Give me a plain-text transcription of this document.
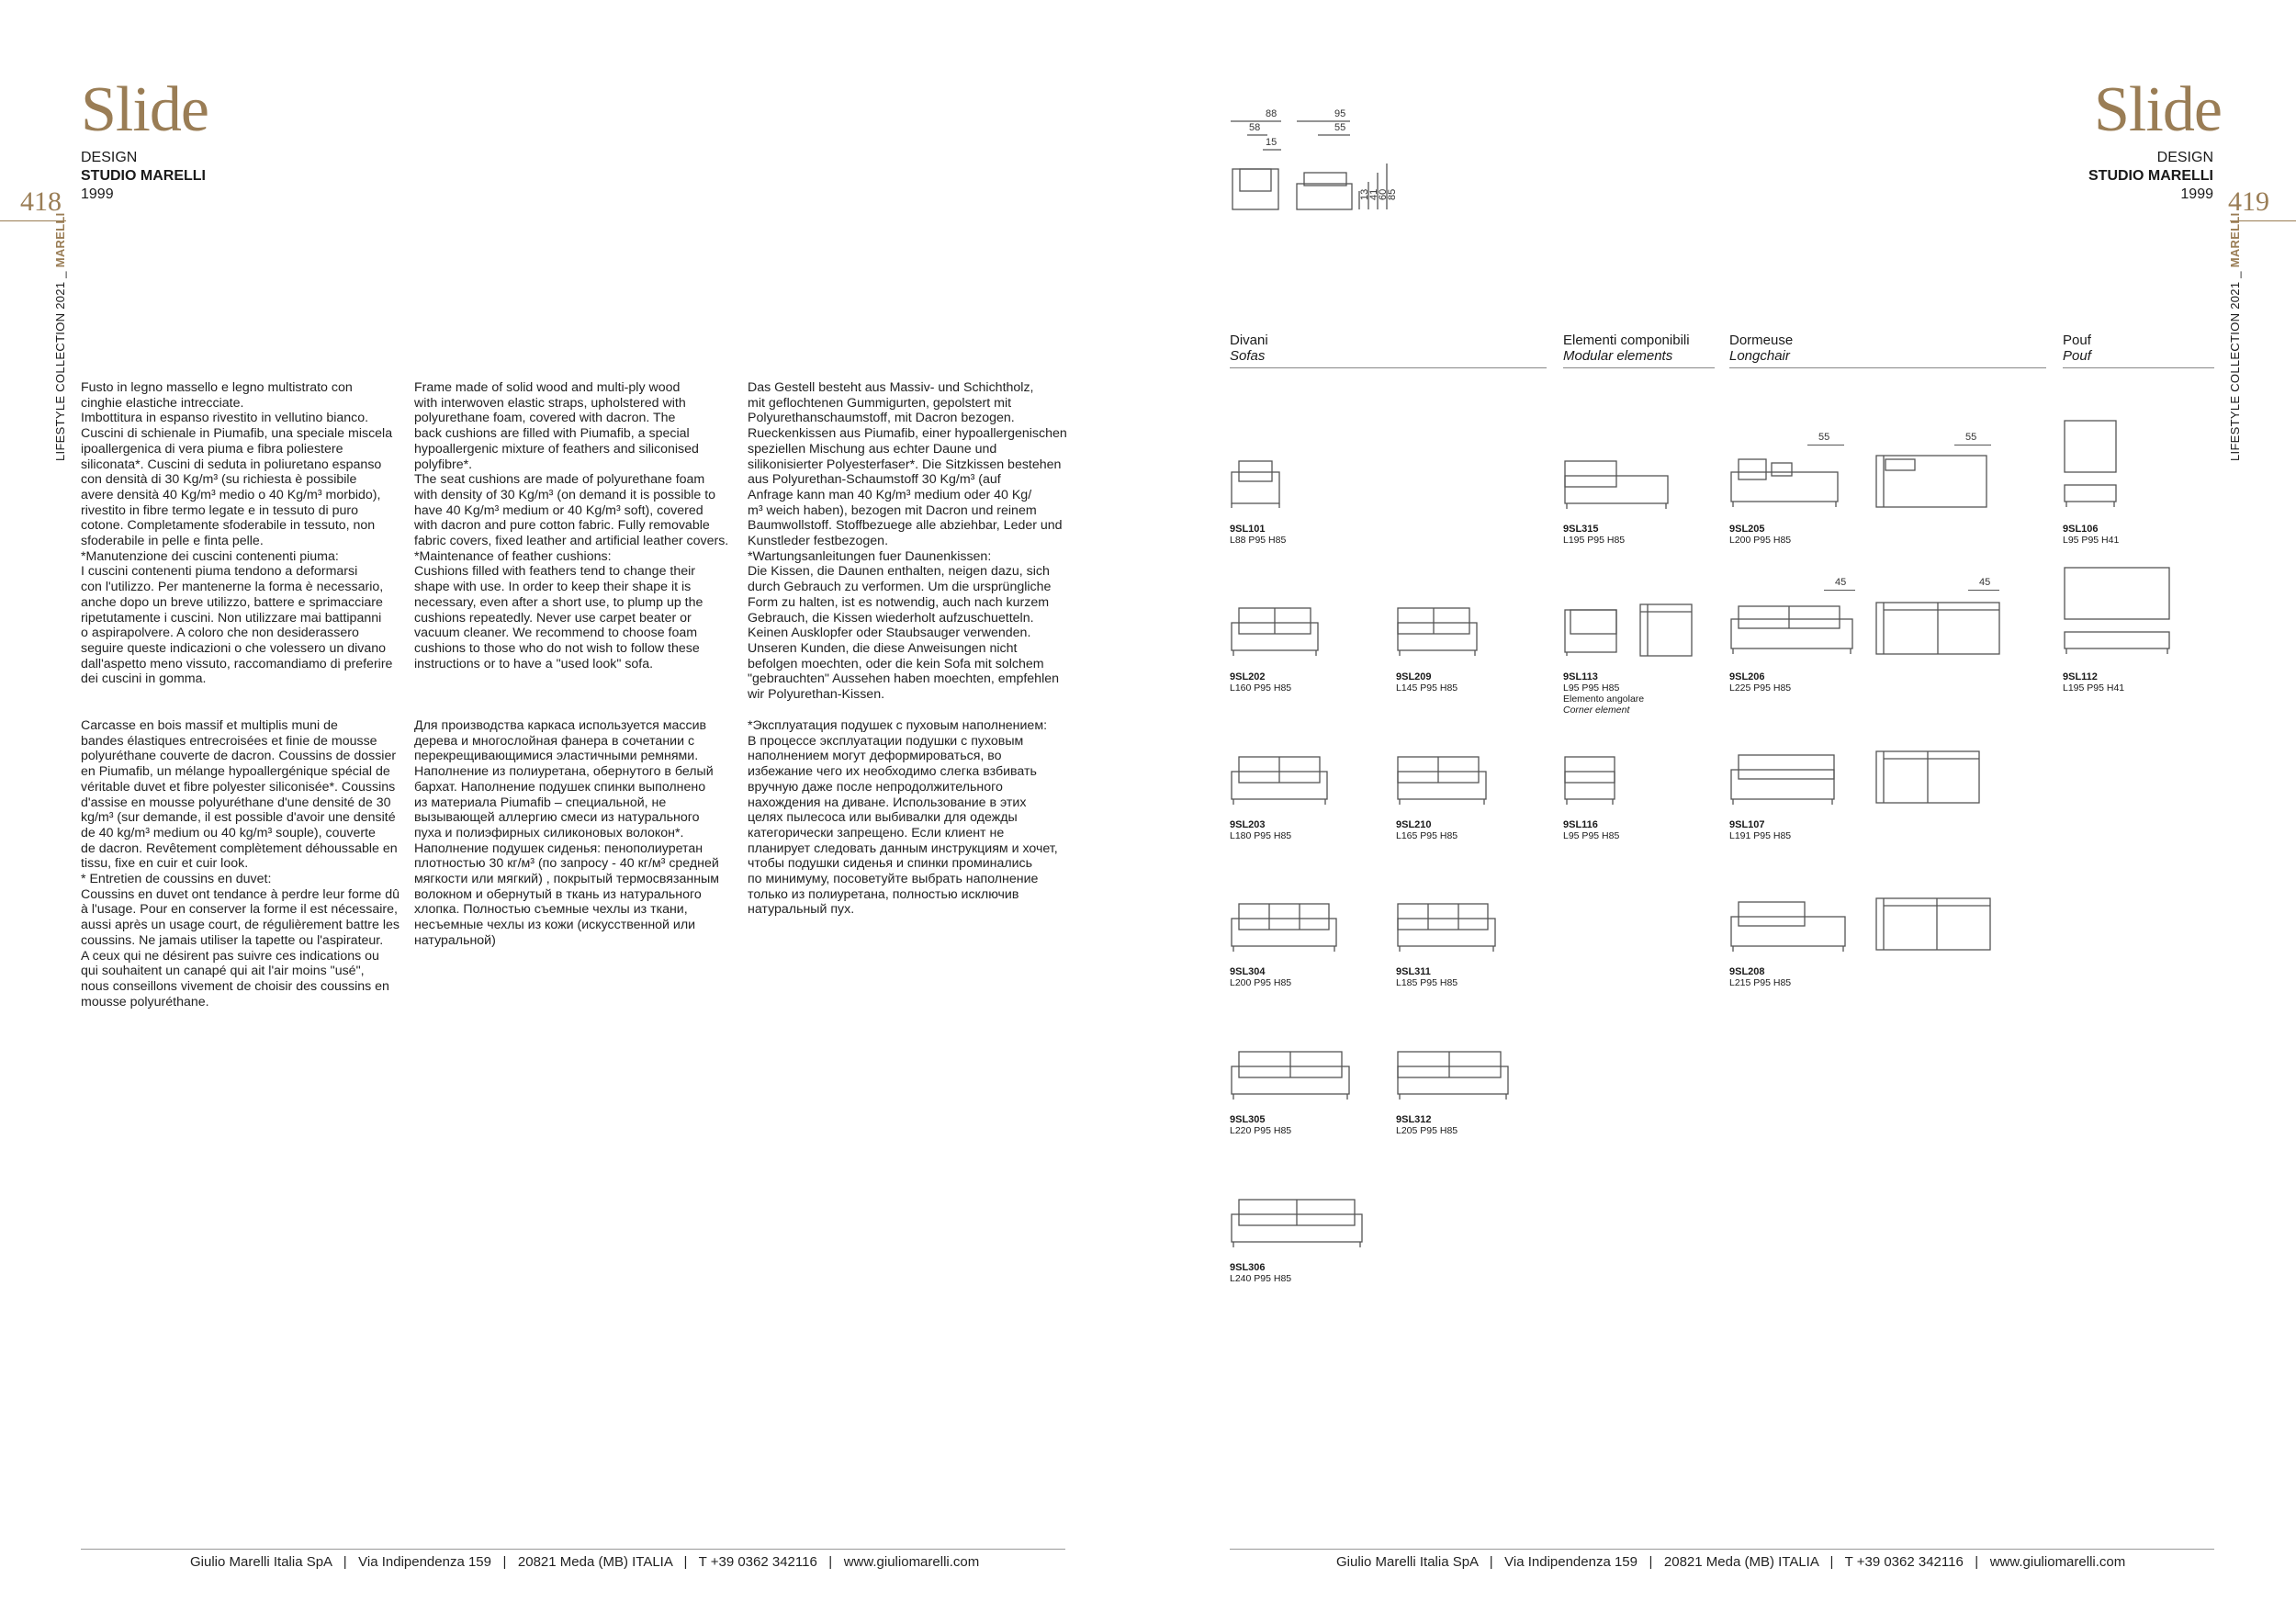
Slide
DESIGN
STUDIO MARELLI
1999
418
LIFESTYLE COLLECTION 2021 _ MARELLI
Fusto in legno massello e legno multistrato con
cinghie elastiche intrecciate.
Imbottitura in espanso rivestito in vellutino bianco.
Cuscini di schienale in Piumafib, una speciale miscela
ipoallergenica di vera piuma e fibra poliestere
siliconata*. Cuscini di seduta in poliuretano espanso
con densità di 30 Kg/m³ (su richiesta è possibile
avere densità 40 Kg/m³ medio o 40 Kg/m³ morbido),
rivestito in fibre termo legate e in tessuto di puro
cotone. Completamente sfoderabile in tessuto, non
sfoderabile in pelle e finta pelle.
*Manutenzione dei cuscini contenenti piuma:
I cuscini contenenti piuma tendono a deformarsi
con l'utilizzo. Per mantenerne la forma è necessario,
anche dopo un breve utilizzo, battere e sprimacciare
ripetutamente i cuscini. Non utilizzare mai battipanni
o aspirapolvere. A coloro che non desiderassero
seguire queste indicazioni o che volessero un divano
dall'aspetto meno vissuto, raccomandiamo di preferire
dei cuscini in gomma.
Frame made of solid wood and multi-ply wood
with interwoven elastic straps, upholstered with
polyurethane foam, covered with dacron. The
back cushions are filled with Piumafib, a special
hypoallergenic mixture of feathers and siliconised
polyfibre*.
The seat cushions are made of polyurethane foam
with density of 30 Kg/m³ (on demand it is possible to
have 40 Kg/m³ medium or 40 Kg/m³ soft), covered
with dacron and pure cotton fabric. Fully removable
fabric covers, fixed leather and artificial leather covers.
*Maintenance of feather cushions:
Cushions filled with feathers tend to change their
shape with use. In order to keep their shape it is
necessary, even after a short use, to plump up the
cushions repeatedly. Never use carpet beater or
vacuum cleaner. We recommend to choose foam
cushions to those who do not wish to follow these
instructions or to have a "used look" sofa.
Das Gestell besteht aus Massiv- und Schichtholz,
mit geflochtenen Gummigurten, gepolstert mit
Polyurethanschaumstoff, mit Dacron bezogen.
Rueckenkissen aus Piumafib, einer hypoallergenischen
speziellen Mischung aus echter Daune und
silikonisierter Polyesterfaser*. Die Sitzkissen bestehen
aus Polyurethan-Schaumstoff 30 Kg/m³ (auf
Anfrage kann man 40 Kg/m³ medium oder 40 Kg/
m³ weich haben), bezogen mit Dacron und reinem
Baumwollstoff. Stoffbezuege alle abziehbar, Leder und
Kunstleder festbezogen.
*Wartungsanleitungen fuer Daunenkissen:
Die Kissen, die Daunen enthalten, neigen dazu, sich
durch Gebrauch zu verformen. Um die ursprüngliche
Form zu halten, ist es notwendig, auch nach kurzem
Gebrauch, die Kissen wiederholt aufzuschuetteln.
Keinen Ausklopfer oder Staubsauger verwenden.
Unseren Kunden, die diese Anweisungen nicht
befolgen moechten, oder die kein Sofa mit solchem
"gebrauchten" Aussehen haben moechten, empfehlen
wir Polyurethan-Kissen.
Carcasse en bois massif et multiplis muni de
bandes élastiques entrecroisées et finie de mousse
polyuréthane couverte de dacron. Coussins de dossier
en Piumafib, un mélange hypoallergénique spécial de
véritable duvet et fibre polyester siliconisée*. Coussins
d'assise en mousse polyuréthane d'une densité de 30
kg/m³ (sur demande, il est possible d'avoir une densité
de 40 kg/m³ medium ou 40 kg/m³ souple), couverte
de dacron. Revêtement complètement déhoussable en
tissu, fixe en cuir et cuir look.
* Entretien de coussins en duvet:
Coussins en duvet ont tendance à perdre leur forme dû
à l'usage. Pour en conserver la forme il est nécessaire,
aussi après un usage court, de régulièrement battre les
coussins. Ne jamais utiliser la tapette ou l'aspirateur.
A ceux qui ne désirent pas suivre ces indications ou
qui souhaitent un canapé qui ait l'air moins "usé",
nous conseillons vivement de choisir des coussins en
mousse polyuréthane.
Для производства каркаса используется массив
дерева и многослойная фанера в сочетании с
перекрещивающимися эластичными ремнями.
Наполнение из полиуретана, обернутого в белый
бархат. Наполнение подушек спинки выполнено
из материала Piumafib – специальной, не
вызывающей аллергию смеси из натурального
пуха и полиэфирных силиконовых волокон*.
Наполнение подушек сиденья: пенополиуретан
плотностью 30 кг/м³ (по запросу - 40 кг/м³ средней
мягкости или мягкий) , покрытый термосвязанным
волокном и обернутый в ткань из натурального
хлопка. Полностью съемные чехлы из ткани,
несъемные чехлы из кожи (искусственной или
натуральной)
*Эксплуатация подушек с пуховым наполнением:
В процессе эксплуатации подушки с пуховым
наполнением могут деформироваться, во
избежание чего их необходимо слегка взбивать
вручную даже после непродолжительного
нахождения на диване. Использование в этих
целях пылесоса или выбивалки для одежды
категорически запрещено. Если клиент не
планирует следовать данным инструкциям и хочет,
чтобы подушки сиденья и спинки проминались
по минимуму, посоветуйте выбрать наполнение
только из полиуретана, полностью исключив
натуральный пух.
Giulio Marelli Italia SpA   |   Via Indipendenza 159   |   20821 Meda (MB) ITALIA   |   T +39 0362 342116   |   www.giuliomarelli.com
Slide
DESIGN
STUDIO MARELLI
1999 419
LIFESTYLE COLLECTION 2021 _ MARELLI
88
58
15
95
55
13
41
60
85
Divani
Sofas
Elementi componibili
Modular elements
Dormeuse
Longchair
Pouf
Pouf
9SL101
L88 P95 H85
9SL202
L160 P95 H85
9SL209
L145 P95 H85
9SL203
L180 P95 H85
9SL210
L165 P95 H85
9SL304
L200 P95 H85
9SL311
L185 P95 H85
9SL305
L220 P95 H85
9SL312
L205 P95 H85
9SL306
L240 P95 H85
9SL315
L195 P95 H85
9SL113
L95 P95 H85
Elemento angolare
Corner element
9SL116
L95 P95 H85
55	55
9SL205
L200 P95 H85
45	45
9SL206
L225 P95 H85
9SL107
L191 P95 H85
9SL208
L215 P95 H85
9SL106
L95 P95 H41
9SL112
L195 P95 H41
Giulio Marelli Italia SpA   |   Via Indipendenza 159   |   20821 Meda (MB) ITALIA   |   T +39 0362 342116   |   www.giuliomarelli.com
